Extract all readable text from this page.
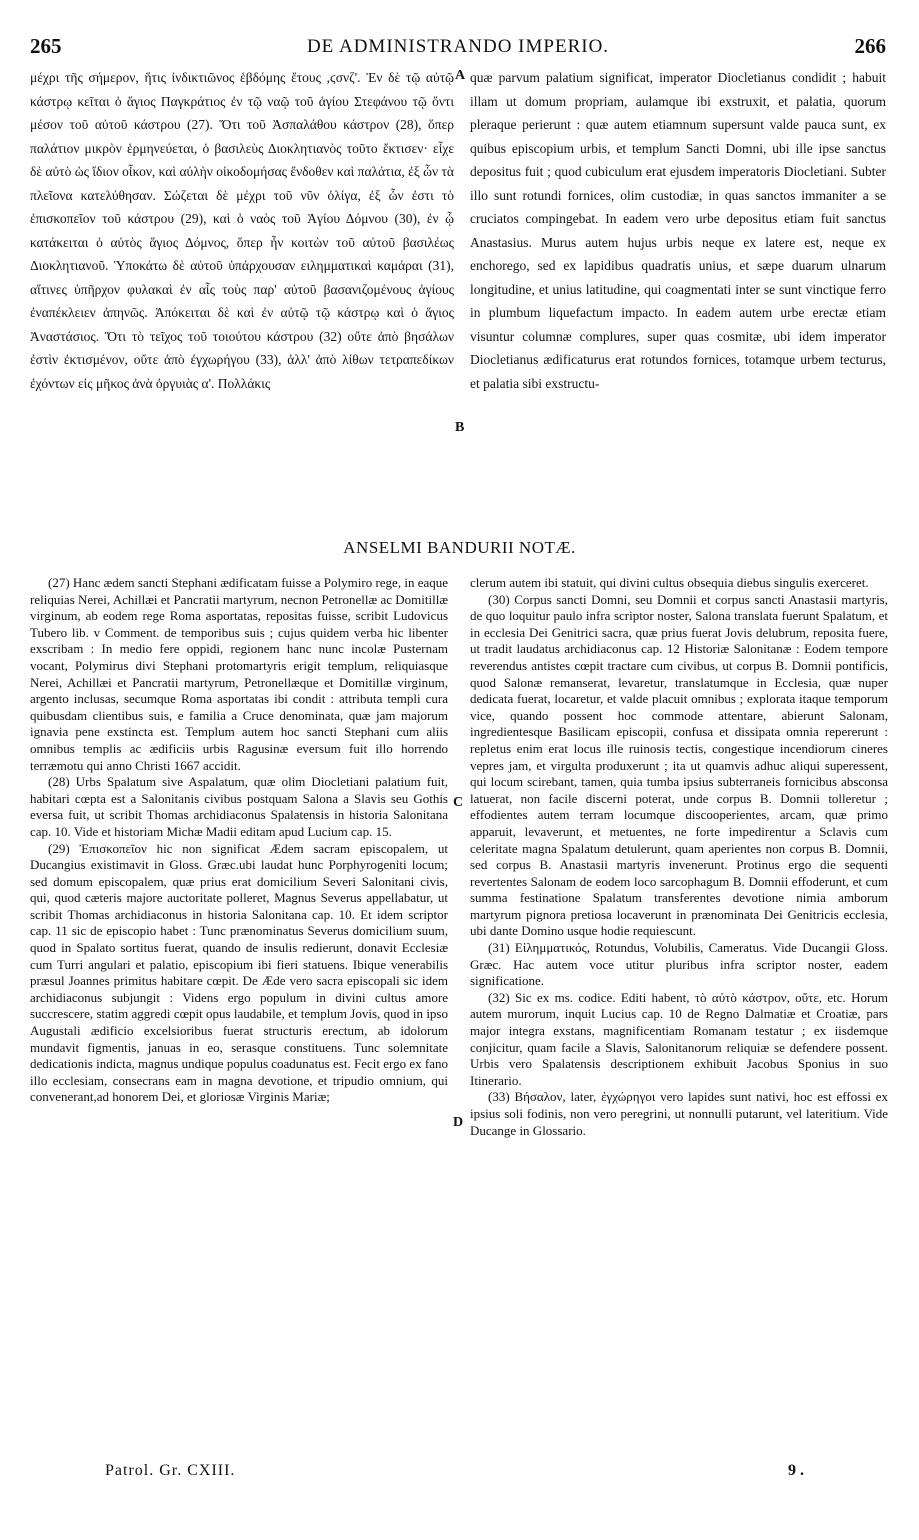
265	DE ADMINISTRANDO IMPERIO.	266
μέχρι τῆς σήμερον, ἥτις ἰνδικτιῶνος ἑβδόμης ἔτους ,ϛσνζ'. Ἐν δὲ τῷ αὐτῷ κάστρῳ κεῖται ὁ ἅγιος Παγκράτιος ἐν τῷ ναῷ τοῦ ἁγίου Στεφάνου τῷ ὄντι μέσον τοῦ αὐτοῦ κάστρου (27). Ὅτι τοῦ Ἀσπαλάθου κάστρον (28), ὅπερ παλάτιον μικρὸν ἑρμηνεύεται, ὁ βασιλεὺς Διοκλητιανὸς τοῦτο ἔκτισεν· εἶχε δὲ αὐτὸ ὡς ἴδιον οἶκον, καὶ αὐλὴν οἰκοδομήσας ἔνδοθεν καὶ παλάτια, ἐξ ὧν τὰ πλεῖονα κατελύθησαν. Σώζεται δὲ μέχρι τοῦ νῦν ὀλίγα, ἐξ ὧν ἐστι τὸ ἐπισκοπεῖον τοῦ κάστρου (29), καὶ ὁ ναὸς τοῦ Ἁγίου Δόμνου (30), ἐν ᾧ κατάκειται ὁ αὐτὸς ἅγιος Δόμνος, ὅπερ ἦν κοιτὼν τοῦ αὐτοῦ βασιλέως Διοκλητιανοῦ. Ὑποκάτω δὲ αὐτοῦ ὑπάρχουσαν ειλημματικαὶ καμάραι (31), αἵτινες ὑπῆρχον φυλακαὶ ἐν αἷς τοὺς παρ' αὐτοῦ βασανιζομένους ἁγίους ἐναπέκλειεν ἀπηνῶς. Ἀπόκειται δὲ καὶ ἐν αὐτῷ τῷ κάστρῳ καὶ ὁ ἅγιος Ἀναστάσιος. Ὅτι τὸ τεῖχος τοῦ τοιούτου κάστρου (32) οὔτε ἀπὸ βησάλων ἐστὶν ἐκτισμένον, οὔτε ἀπὸ ἐγχωρήγου (33), ἀλλ' ἀπὸ λίθων τετραπεδίκων ἐχόντων εἰς μῆκος ἀνὰ ὀργυιὰς α'. Πολλάκις
quæ parvum palatium significat, imperator Diocletianus condidit ; habuit illam ut domum propriam, aulamque ibi exstruxit, et palatia, quorum pleraque perierunt : quæ autem etiamnum supersunt valde pauca sunt, ex quibus episcopium urbis, et templum Sancti Domni, ubi ille ipse sanctus depositus fuit ; quod cubiculum erat ejusdem imperatoris Diocletiani. Subter illo sunt rotundi fornices, olim custodiæ, in quas sanctos immaniter a se cruciatos compingebat. In eadem vero urbe depositus etiam fuit sanctus Anastasius. Murus autem hujus urbis neque ex latere est, neque ex enchorego, sed ex lapidibus quadratis unius, et sæpe duarum ulnarum longitudine, et unius latitudine, qui coagmentati inter se sunt vinctique ferro in plumbum liquefactum impacto. In eadem autem urbe erectæ etiam visuntur columnæ complures, super quas cosmitæ, ubi idem imperator Diocletianus ædificaturus erat rotundos fornices, totamque urbem tecturus, et palatia sibi exstructu-
A
B
C
D
ANSELMI BANDURII NOTÆ.

(27) Hanc ædem sancti Stephani ædificatam fuisse a Polymiro rege, in eaque reliquias Nerei, Achillæi et Pancratii martyrum, necnon Petronellæ ac Domitillæ virginum, ab eodem rege Roma asportatas, repositas fuisse, scribit Ludovicus Tubero lib. v Comment. de temporibus suis ; cujus quidem verba hic libenter exscribam : In medio fere oppidi, regionem hanc nunc incolæ Pusternam vocant, Polymirus divi Stephani protomartyris erigit templum, reliquiasque Nerei, Achillæi et Pancratii martyrum, Petronellæque et Domitillæ virginum, argento inclusas, secumque Roma asportatas ibi condit : attributa templi cura quibusdam clientibus suis, e familia a Cruce denominata, quæ jam majorum ignavia pene exstincta est. Templum autem hoc sancti Stephani cum aliis omnibus templis ac ædificiis urbis Ragusinæ eversum fuit illo horrendo terræmotu qui anno Christi 1667 accidit.

(28) Urbs Spalatum sive Aspalatum, quæ olim Diocletiani palatium fuit, habitari cœpta est a Salonitanis civibus postquam Salona a Slavis seu Gothis eversa fuit, ut scribit Thomas archidiaconus Spalatensis in historia Salonitana cap. 10. Vide et historiam Michæ Madii editam apud Lucium cap. 15.

(29) Ἐπισκοπεῖον hic non significat Ædem sacram episcopalem, ut Ducangius existimavit in Gloss. Græc.ubi laudat hunc Porphyrogeniti locum; sed domum episcopalem, quæ prius erat domicilium Severi Salonitani civis, qui, quod cæteris majore auctoritate polleret, Magnus Severus appellabatur, ut scribit Thomas archidiaconus in historia Salonitana cap. 10. Et idem scriptor cap. 11 sic de episcopio habet : Tunc prænominatus Severus domicilium suum, quod in Spalato sortitus fuerat, quando de insulis redierunt, donavit Ecclesiæ cum Turri angulari et palatio, episcopium ibi fieri statuens. Ibique venerabilis præsul Joannes primitus habitare cœpit. De Æde vero sacra episcopali sic idem archidiaconus subjungit : Videns ergo populum in divini cultus amore succrescere, statim aggredi cœpit opus laudabile, et templum Jovis, quod in ipso Augustali ædificio excelsioribus fuerat structuris erectum, ab idolorum mundavit figmentis, januas in eo, serasque constituens. Tunc solemnitate dedicationis indicta, magnus undique populus coadunatus est. Fecit ergo ex fano illo ecclesiam, consecrans eam in magna devotione, et tripudio omnium, qui convenerant,ad honorem Dei, et gloriosæ Virginis Mariæ;

clerum autem ibi statuit, qui divini cultus obsequia diebus singulis exerceret.

(30) Corpus sancti Domni, seu Domnii et corpus sancti Anastasii martyris, de quo loquitur paulo infra scriptor noster, Salona translata fuerunt Spalatum, et in ecclesia Dei Genitrici sacra, quæ prius fuerat Jovis delubrum, reposita fuere, ut tradit laudatus archidiaconus cap. 12 Historiæ Salonitanæ : Eodem tempore reverendus antistes cœpit tractare cum civibus, ut corpus B. Domnii pontificis, quod Salonæ remanserat, levaretur, translatumque in Ecclesia, quæ nuper dedicata fuerat, locaretur, et valde placuit omnibus ; explorata itaque temporum vice, quando possent hoc commode attentare, abierunt Salonam, ingredientesque Basilicam episcopii, confusa et dissipata omnia repererunt : repletus enim erat locus ille ruinosis tectis, congestique incendiorum cineres vepres jam, et virgulta produxerunt ; ita ut quamvis adhuc aliqui superessent, qui locum scirebant, tamen, quia tumba ipsius subterraneis fornicibus absconsa latuerat, non facile discerni poterat, unde corpus B. Domnii tolleretur ; effodientes autem terram locumque discooperientes, arcam, quæ primo apparuit, levaverunt, et metuentes, ne forte impedirentur a Sclavis cum celeritate magna Spalatum detulerunt, quam aperientes non corpus B. Domnii, sed corpus B. Anastasii martyris invenerunt. Protinus ergo die sequenti revertentes Salonam de eodem loco sarcophagum B. Domnii effoderunt, et cum summa festinatione Spalatum transferentes devotione nimia amborum martyrum pignora pretiosa locaverunt in prænominata Dei Genitricis ecclesia, ubi dante Domino usque hodie requiescunt.

(31) Εἰλημματικός, Rotundus, Volubilis, Cameratus. Vide Ducangii Gloss. Græc. Hac autem voce utitur pluribus infra scriptor noster, eadem significatione.

(32) Sic ex ms. codice. Editi habent, τὸ αὐτὸ κάστρον, οὔτε, etc. Horum autem murorum, inquit Lucius cap. 10 de Regno Dalmatiæ et Croatiæ, pars major integra exstans, magnificentiam Romanam testatur ; ex iisdemque conjicitur, quam facile a Slavis, Salonitanorum reliquiæ se defendere possent. Urbis vero Spalatensis descriptionem exhibuit Jacobus Sponius in suo Itinerario.

(33) Βήσαλον, later, ἐγχώρηγοι vero lapides sunt nativi, hoc est effossi ex ipsius soli fodinis, non vero peregrini, ut nonnulli putarunt, vel lateritium. Vide Ducange in Glossario.

Patrol. Gr. CXIII.	9 .
